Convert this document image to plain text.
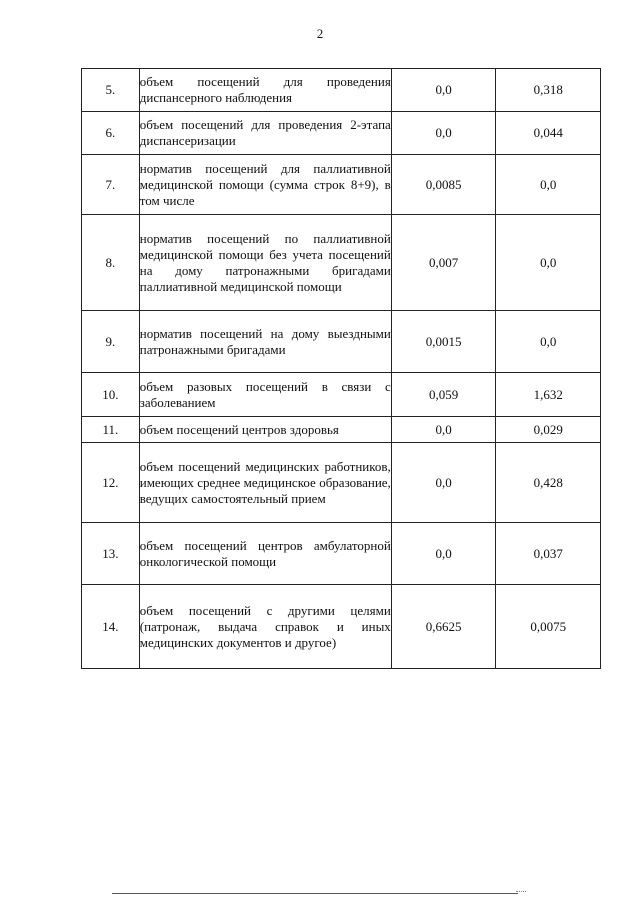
2
5.	объем посещений для проведения диспансерного наблюдения	0,0	0,318
6.	объем посещений для проведения 2-этапа диспансеризации	0,0	0,044
7.	норматив посещений для паллиативной медицинской помощи (сумма строк 8+9), в том числе	0,0085	0,0
8.	норматив посещений по паллиативной медицинской помощи без учета посещений на дому патронажными бригадами паллиативной медицинской помощи	0,007	0,0
9.	норматив посещений на дому выездными патронажными бригадами	0,0015	0,0
10.	объем разовых посещений в связи с заболеванием	0,059	1,632
11.	объем посещений центров здоровья	0,0	0,029
12.	объем посещений медицинских работников, имеющих среднее медицинское образование, ведущих самостоятельный прием	0,0	0,428
13.	объем посещений центров амбулаторной онкологической помощи	0,0	0,037
14.	объем посещений с другими целями (патронаж, выдача справок и иных медицинских документов и другое)	0,6625	0,0075
